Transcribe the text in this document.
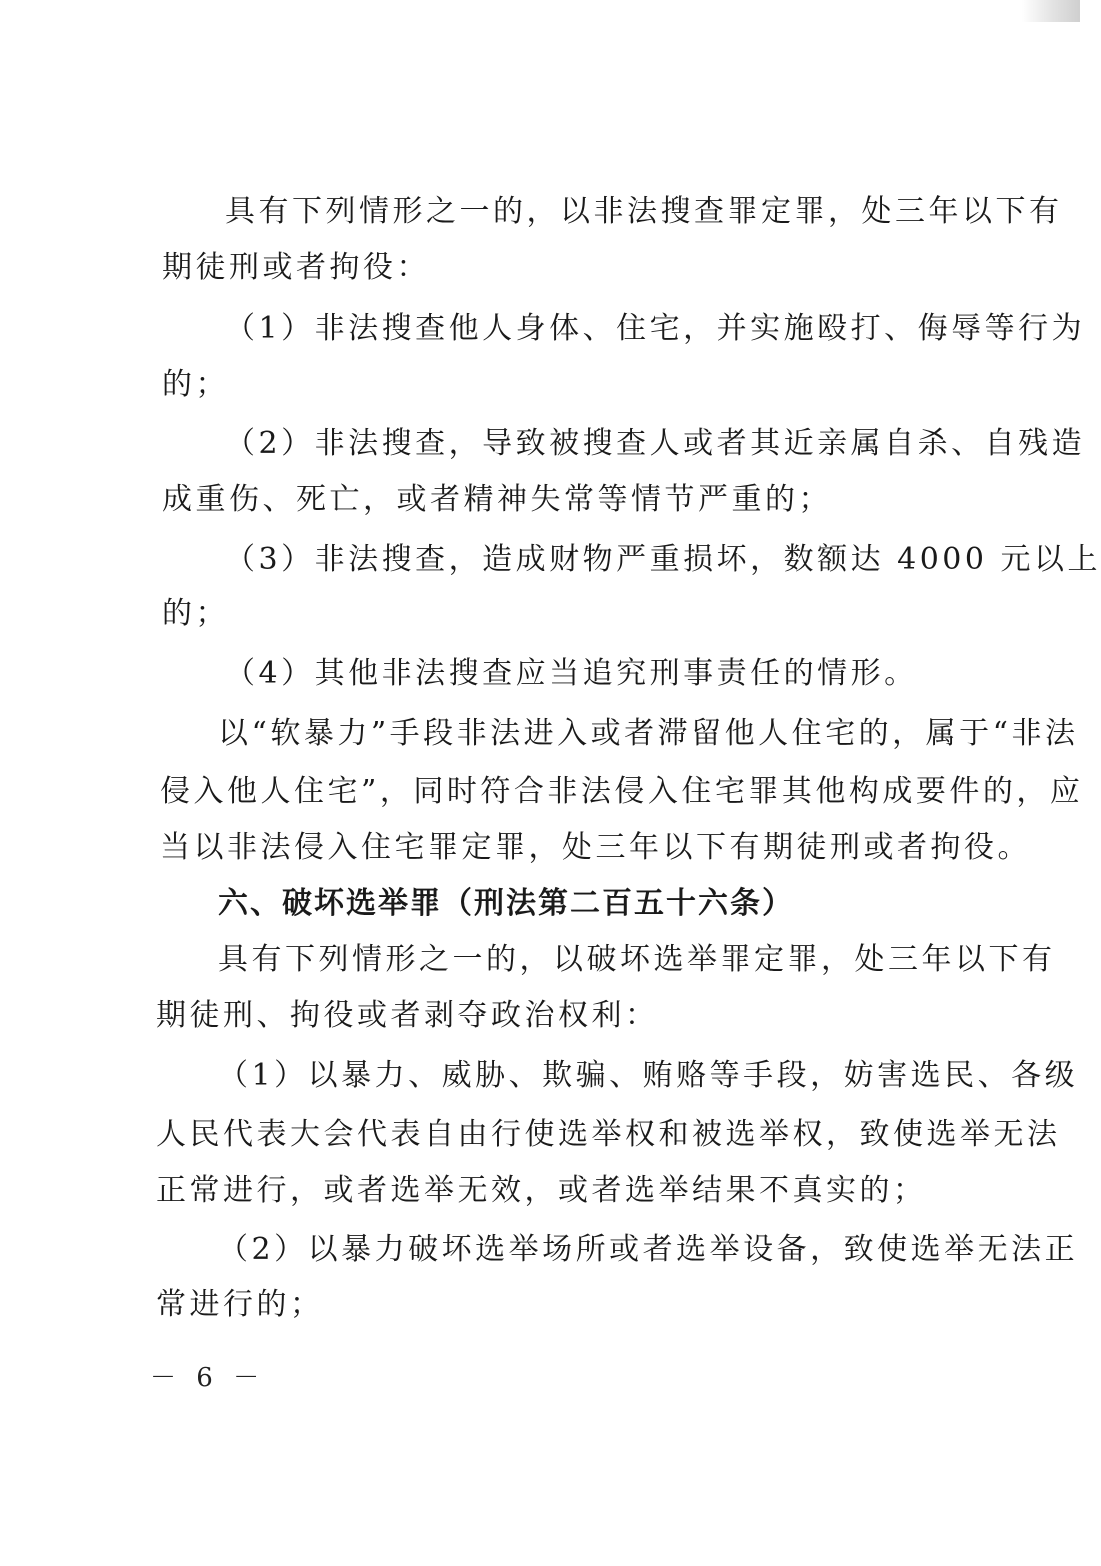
具有下列情形之一的，以非法搜查罪定罪，处三年以下有
期徒刑或者拘役：
（1）非法搜查他人身体、住宅，并实施殴打、侮辱等行为
的；
（2）非法搜查，导致被搜查人或者其近亲属自杀、自残造
成重伤、死亡，或者精神失常等情节严重的；
（3）非法搜查，造成财物严重损坏，数额达 4000 元以上
的；
（4）其他非法搜查应当追究刑事责任的情形。
以“软暴力”手段非法进入或者滞留他人住宅的，属于“非法
侵入他人住宅”，同时符合非法侵入住宅罪其他构成要件的，应
当以非法侵入住宅罪定罪，处三年以下有期徒刑或者拘役。
六、破坏选举罪（刑法第二百五十六条）
具有下列情形之一的，以破坏选举罪定罪，处三年以下有
期徒刑、拘役或者剥夺政治权利：
（1）以暴力、威胁、欺骗、贿赂等手段，妨害选民、各级
人民代表大会代表自由行使选举权和被选举权，致使选举无法
正常进行，或者选举无效，或者选举结果不真实的；
（2）以暴力破坏选举场所或者选举设备，致使选举无法正
常进行的；
－ 6 －
